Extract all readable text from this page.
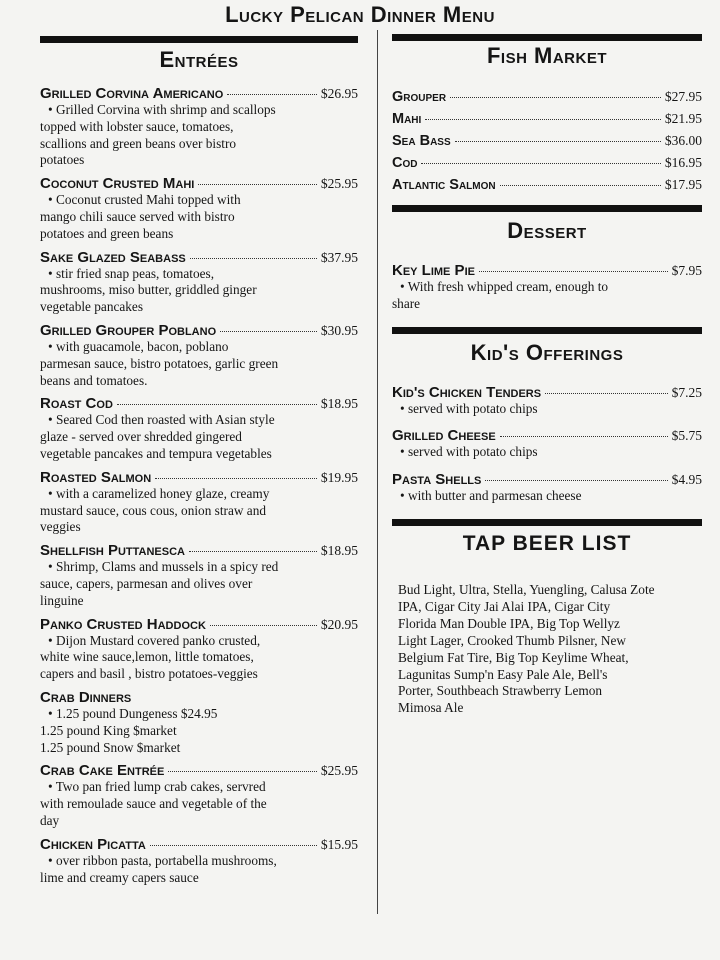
Lucky Pelican Dinner Menu
Entrées
Grilled Corvina Americano	$26.95
• Grilled Corvina with shrimp and scallops
topped with lobster sauce, tomatoes,
scallions and green beans over bistro
potatoes
Coconut Crusted Mahi	$25.95
• Coconut crusted Mahi topped with
mango chili sauce served with bistro
potatoes and green beans
Sake Glazed Seabass	$37.95
• stir fried snap peas, tomatoes,
mushrooms, miso butter, griddled ginger
vegetable pancakes
Grilled Grouper Poblano	$30.95
• with guacamole, bacon, poblano
parmesan sauce, bistro potatoes, garlic green
beans and tomatoes.
Roast Cod	$18.95
• Seared Cod then roasted with Asian style
glaze - served over shredded gingered
vegetable pancakes and tempura vegetables
Roasted Salmon	$19.95
• with a caramelized honey glaze, creamy
mustard sauce, cous cous, onion straw and
veggies
Shellfish Puttanesca	$18.95
• Shrimp, Clams and mussels in a spicy red
sauce, capers, parmesan and olives over
linguine
Panko Crusted Haddock	$20.95
• Dijon Mustard covered panko crusted,
white wine sauce,lemon, little tomatoes,
capers and basil , bistro potatoes-veggies
Crab Dinners
• 1.25 pound Dungeness $24.95
1.25 pound King $market
1.25 pound Snow $market
Crab Cake Entrée	$25.95
• Two pan fried lump crab cakes, servred
with remoulade sauce and vegetable of the
day
Chicken Picatta	$15.95
• over ribbon pasta, portabella mushrooms,
lime and creamy capers sauce
Fish Market
Grouper	$27.95
Mahi	$21.95
Sea Bass	$36.00
Cod	$16.95
Atlantic Salmon	$17.95
Dessert
Key Lime Pie	$7.95
• With fresh whipped cream, enough to
share
Kid's Offerings
Kid's Chicken Tenders	$7.25
• served with potato chips
Grilled Cheese	$5.75
• served with potato chips
Pasta Shells	$4.95
• with butter and parmesan cheese
TAP BEER LIST
Bud Light, Ultra, Stella, Yuengling, Calusa Zote
IPA, Cigar City Jai Alai IPA, Cigar City
Florida Man Double IPA, Big Top Wellyz
Light Lager, Crooked Thumb Pilsner, New
Belgium Fat Tire, Big Top Keylime Wheat,
Lagunitas Sump'n Easy Pale Ale, Bell's
Porter, Southbeach Strawberry Lemon
Mimosa Ale
